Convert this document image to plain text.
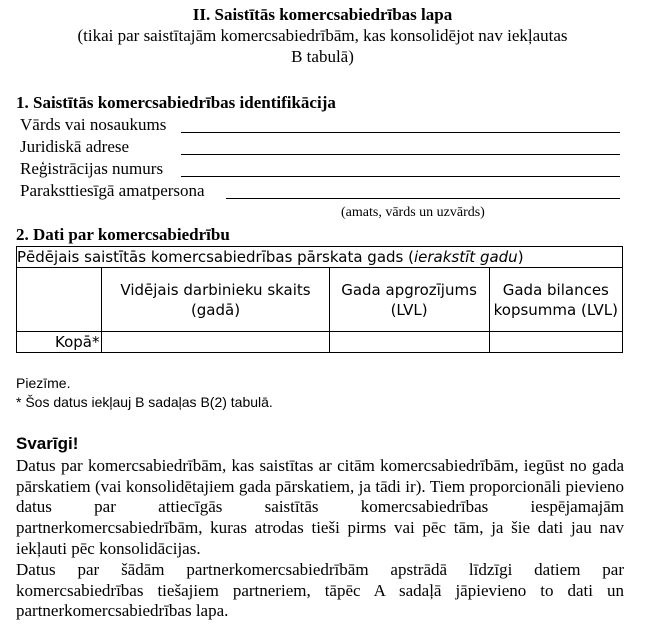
II. Saistītās komercsabiedrības lapa
(tikai par saistītajām komercsabiedrībām, kas konsolidējot nav iekļautas
B tabulā)
1. Saistītās komercsabiedrības identifikācija
Vārds vai nosaukums
Juridiskā adrese
Reģistrācijas numurs
Paraksttiesīgā amatpersona
(amats, vārds un uzvārds)
2. Dati par komercsabiedrību
Pēdējais saistītās komercsabiedrības pārskata gads (ierakstīt gadu)			
	Vidējais darbinieku skaits (gadā)	Gada apgrozījums (LVL)	Gada bilances kopsumma (LVL)
Kopā*			
Piezīme.
* Šos datus iekļauj B sadaļas B(2) tabulā.
Svarīgi!
Datus par komercsabiedrībām, kas saistītas ar citām komercsabiedrībām, iegūst no gada pārskatiem (vai konsolidētajiem gada pārskatiem, ja tādi ir). Tiem proporcionāli pievieno datus par attiecīgās saistītās komercsabiedrības iespējamajām partnerkomercsabiedrībām, kuras atrodas tieši pirms vai pēc tām, ja šie dati jau nav iekļauti pēc konsolidācijas.
Datus par šādām partnerkomercsabiedrībām apstrādā līdzīgi datiem par komercsabiedrības tiešajiem partneriem, tāpēc A sadaļā jāpievieno to dati un partnerkomercsabiedrības lapa.
